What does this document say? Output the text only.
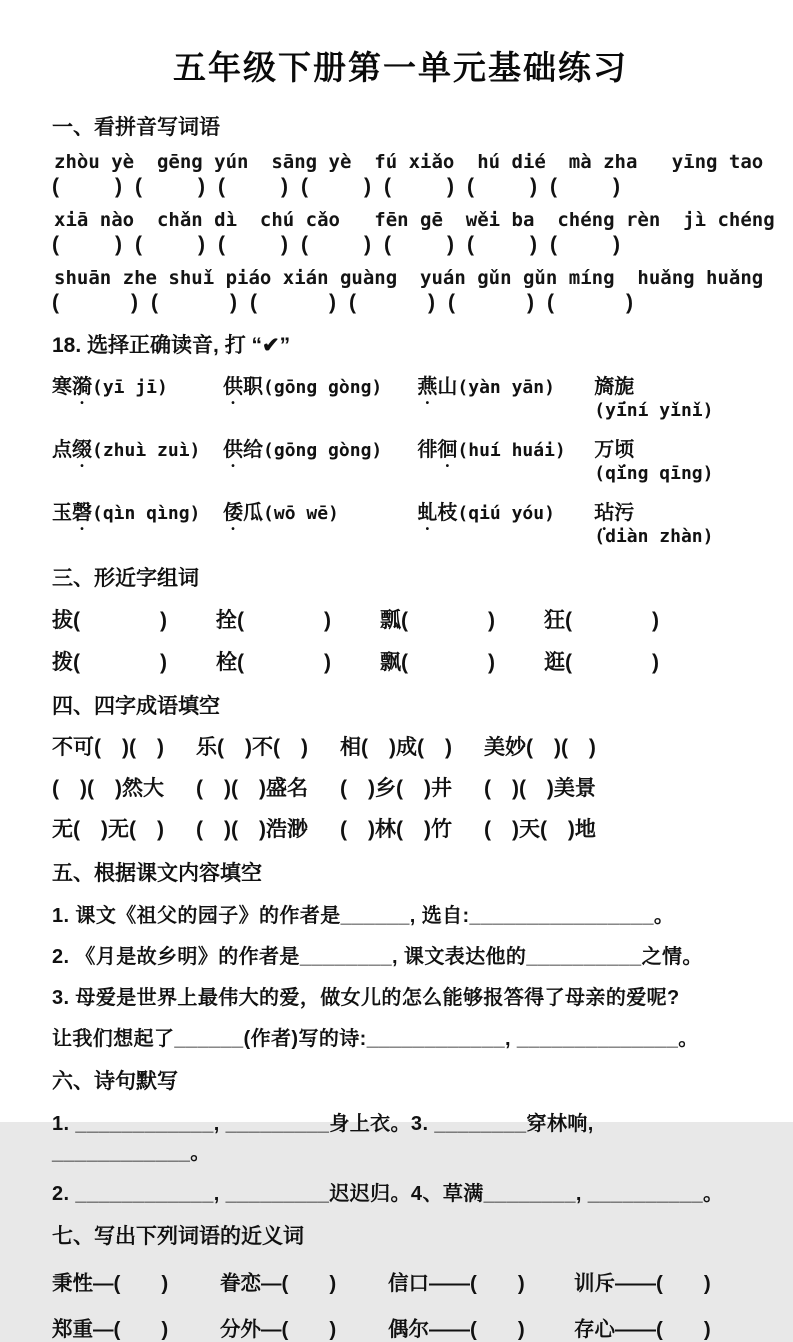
五年级下册第一单元基础练习
一、看拼音写词语
zhòu yè  gēng yún  sāng yè  fú xiǎo  hú dié  mà zha   yīng tao
(	) (	) (	) (	) (	) (	) (	)
xiā nào  chǎn dì  chú cǎo   fēn gē  wěi ba  chéng rèn  jì chéng
(	) (	) (	) (	) (	) (	) (	)
shuān zhe shuǐ piáo xián guàng  yuán gǔn gǔn míng  huǎng huǎng
(	) (	) (	) (	) (	) (	)
18. 选择正确读音, 打 “✔”
寒漪(yī jī)	供职(gōng gòng)	燕山(yàn yān)	旖旎(yīní yǐnǐ)
点缀(zhuì zuì)	供给(gōng gòng)	徘徊(huí huái)	万顷(qǐng qīng)
玉磬(qìn qìng)	倭瓜(wō wē)	虬枝(qiú yóu)	玷污(diàn zhàn)
三、形近字组词
拔(	)	拴(	)	瓢(	)	狂(	)
拨(	)	栓(	)	飘(	)	逛(	)
四、四字成语填空
不可(　)(　) 乐(　)不(　) 相(　)成(　) 美妙(　)(　)
(　)(　)然大 (　)(　)盛名 (　)乡(　)井 (　)(　)美景
无(　)无(　) (　)(　)浩渺 (　)林(　)竹 (　)天(　)地
五、根据课文内容填空
1. 课文《祖父的园子》的作者是______, 选自:________________。
2. 《月是故乡明》的作者是________, 课文表达他的__________之情。
3. 母爱是世界上最伟大的爱，做女儿的怎么能够报答得了母亲的爱呢?
让我们想起了______(作者)写的诗:____________, ______________。
六、诗句默写
1. ____________, _________身上衣。3. ________穿林响, ____________。
2. ____________, _________迟迟归。4、草满________, __________。
七、写出下列词语的近义词
秉性—(　　)	眷恋—(　　)	信口——(　　)	训斥——(　　)
郑重—(　　)	分外—(　　)	偶尔——(　　)	存心——(　　)
